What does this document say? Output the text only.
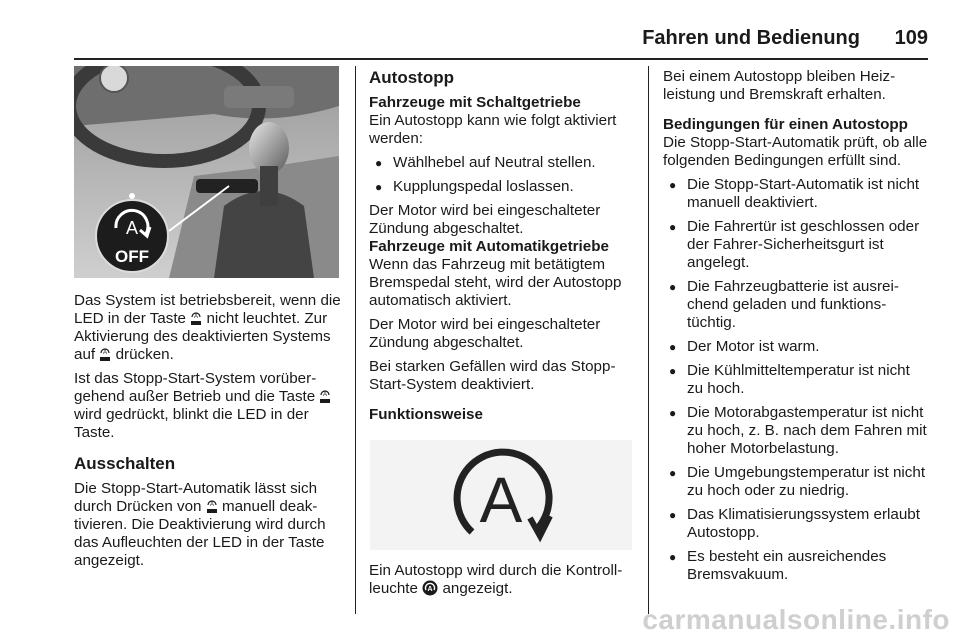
Fahren und Bedienung 109
A
OFF

Das System ist betriebsbereit, wenn die LED in der Taste A nicht leuchtet. Zur Aktivierung des deaktivierten Systems auf A drücken.

Ist das Stopp-Start-System vorübergehend außer Betrieb und die Taste A
wird gedrückt, blinkt die LED in der Taste.

Ausschalten

Die Stopp-Start-Automatik lässt sich durch Drücken von A manuell deaktivieren. Die Deaktivierung wird durch das Aufleuchten der LED in der Taste angezeigt.

Autostopp
Fahrzeuge mit Schaltgetriebe

Ein Autostopp kann wie folgt aktiviert werden:

● Wählhebel auf Neutral stellen.
● Kupplungspedal loslassen.

Der Motor wird bei eingeschalteter Zündung abgeschaltet.

Fahrzeuge mit Automatikgetriebe

Wenn das Fahrzeug mit betätigtem Bremspedal steht, wird der Autostopp automatisch aktiviert.

Der Motor wird bei eingeschalteter Zündung abgeschaltet.

Bei starken Gefällen wird das Stopp-Start-System deaktiviert.

Funktionsweise
A

Ein Autostopp wird durch die Kontrollleuchte A angezeigt.

Bei einem Autostopp bleiben Heizleistung und Bremskraft erhalten.

Bedingungen für einen Autostopp

Die Stopp-Start-Automatik prüft, ob alle folgenden Bedingungen erfüllt sind.

● Die Stopp-Start-Automatik ist nicht manuell deaktiviert.
● Die Fahrertür ist geschlossen oder der Fahrer-Sicherheitsgurt ist angelegt.
● Die Fahrzeugbatterie ist ausreichend geladen und funktionstüchtig.
● Der Motor ist warm.
● Die Kühlmitteltemperatur ist nicht zu hoch.
● Die Motorabgastemperatur ist nicht zu hoch, z. B. nach dem Fahren mit hoher Motorbelastung.
● Die Umgebungstemperatur ist nicht zu hoch oder zu niedrig.
● Das Klimatisierungssystem erlaubt Autostopp.
● Es besteht ein ausreichendes Bremsvakuum.
carmanualsonline.info
